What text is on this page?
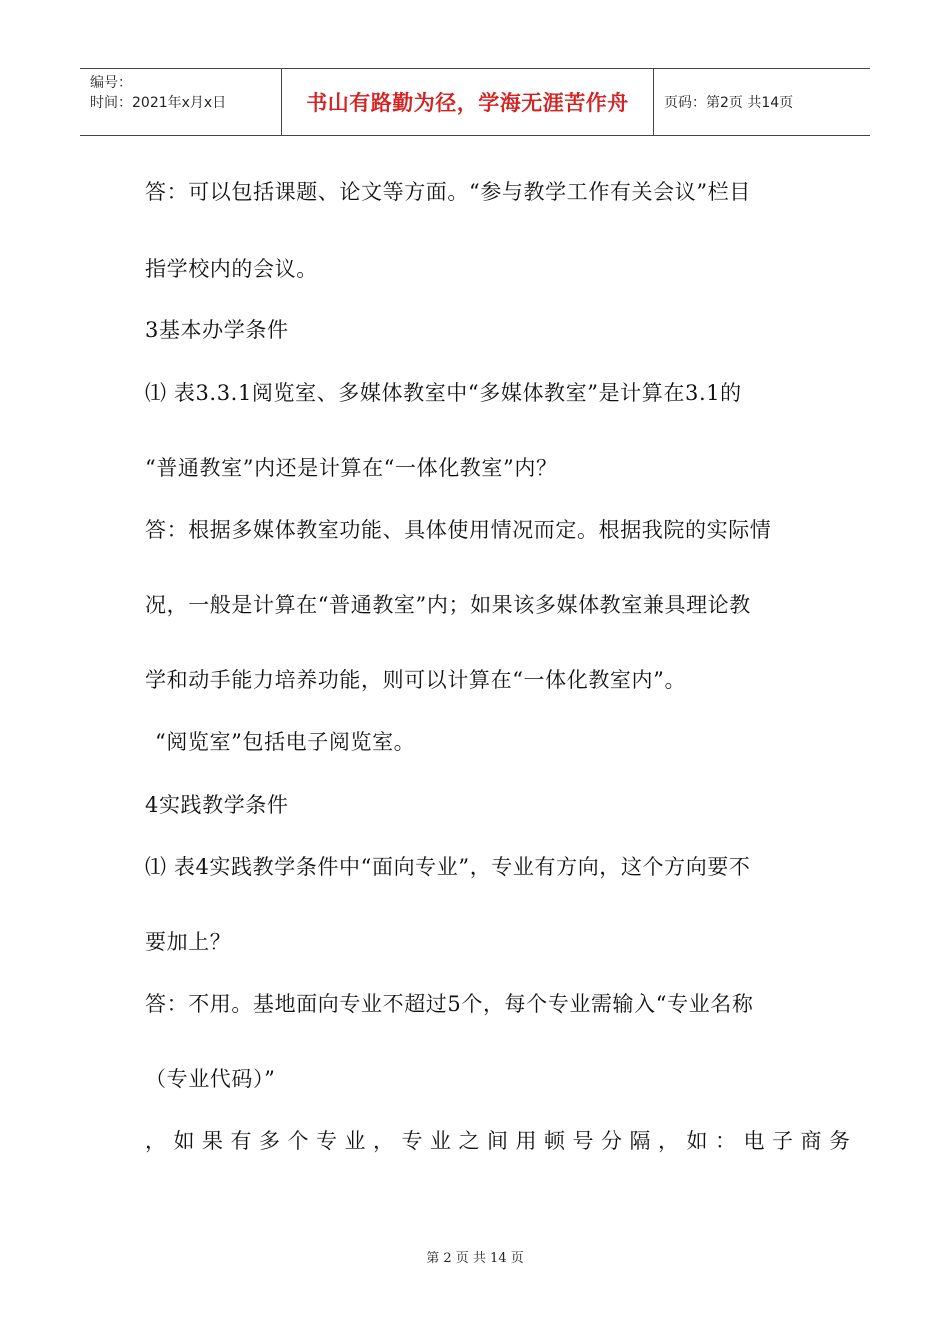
编号：
时间：2021年x月x日	书山有路勤为径，学海无涯苦作舟	页码：第2页 共14页
答：可以包括课题、论文等方面。“参与教学工作有关会议”栏目
指学校内的会议。
3基本办学条件
⑴ 表3.3.1阅览室、多媒体教室中“多媒体教室”是计算在3.1的
“普通教室”内还是计算在“一体化教室”内？
答：根据多媒体教室功能、具体使用情况而定。根据我院的实际情
况，一般是计算在“普通教室”内；如果该多媒体教室兼具理论教
学和动手能力培养功能，则可以计算在“一体化教室内”。
“阅览室”包括电子阅览室。
4实践教学条件
⑴ 表4实践教学条件中“面向专业”，专业有方向，这个方向要不
要加上？
答：不用。基地面向专业不超过5个，每个专业需输入“专业名称
（专业代码）”
，如果有多个专业，专业之间用顿号分隔，如：电子商务
第 2 页 共 14 页
